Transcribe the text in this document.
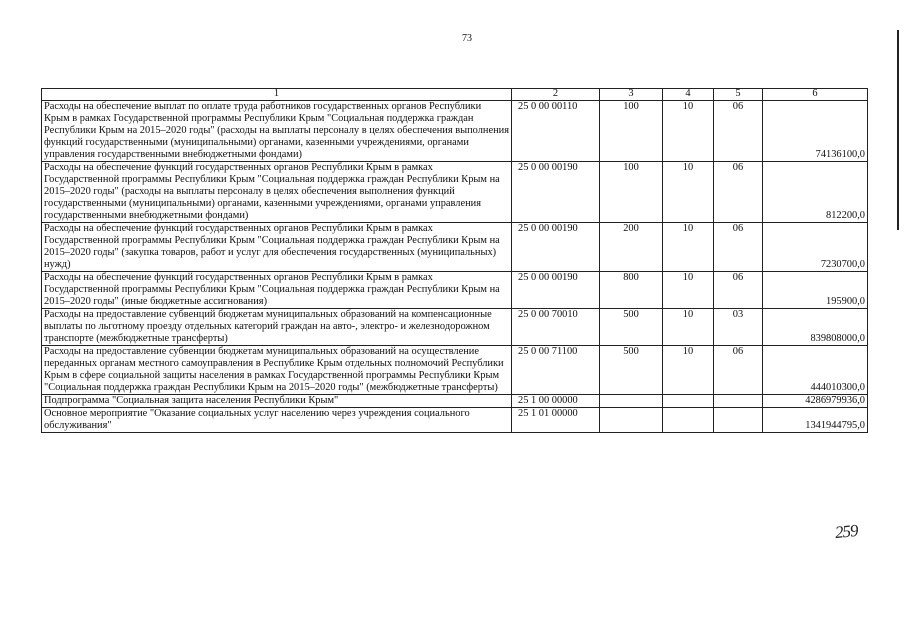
73
1	2	3	4	5	6
Расходы на обеспечение выплат по оплате труда работников государственных органов Республики Крым в рамках Государственной программы Республики Крым "Социальная поддержка граждан Республики Крым на 2015–2020 годы" (расходы на выплаты персоналу в целях обеспечения выполнения функций государственными (муниципальными) органами, казенными учреждениями, органами управления государственными внебюджетными фондами)	25 0 00 00110	100	10	06	74136100,0
Расходы на обеспечение функций государственных органов Республики Крым в рамках Государственной программы Республики Крым "Социальная поддержка граждан Республики Крым на 2015–2020 годы" (расходы на выплаты персоналу в целях обеспечения выполнения функций государственными (муниципальными) органами, казенными учреждениями, органами управления государственными внебюджетными фондами)	25 0 00 00190	100	10	06	812200,0
Расходы на обеспечение функций государственных органов Республики Крым в рамках Государственной программы Республики Крым "Социальная поддержка граждан Республики Крым на 2015–2020 годы" (закупка товаров, работ и услуг для обеспечения государственных (муниципальных) нужд)	25 0 00 00190	200	10	06	7230700,0
Расходы на обеспечение функций государственных органов Республики Крым в рамках Государственной программы Республики Крым "Социальная поддержка граждан Республики Крым на 2015–2020 годы" (иные бюджетные ассигнования)	25 0 00 00190	800	10	06	195900,0
Расходы на предоставление субвенций бюджетам муниципальных образований на компенсационные выплаты по льготному проезду отдельных категорий граждан на авто-, электро- и железнодорожном транспорте (межбюджетные трансферты)	25 0 00 70010	500	10	03	839808000,0
Расходы на предоставление субвенции бюджетам муниципальных образований на осуществление переданных органам местного самоуправления в Республике Крым отдельных полномочий Республики Крым в сфере социальной защиты населения в рамках Государственной программы Республики Крым "Социальная поддержка граждан Республики Крым на 2015–2020 годы" (межбюджетные трансферты)	25 0 00 71100	500	10	06	444010300,0
Подпрограмма "Социальная защита населения Республики Крым"	25 1 00 00000				4286979936,0
Основное мероприятие "Оказание социальных услуг населению через учреждения социального обслуживания"	25 1 01 00000				1341944795,0
259
